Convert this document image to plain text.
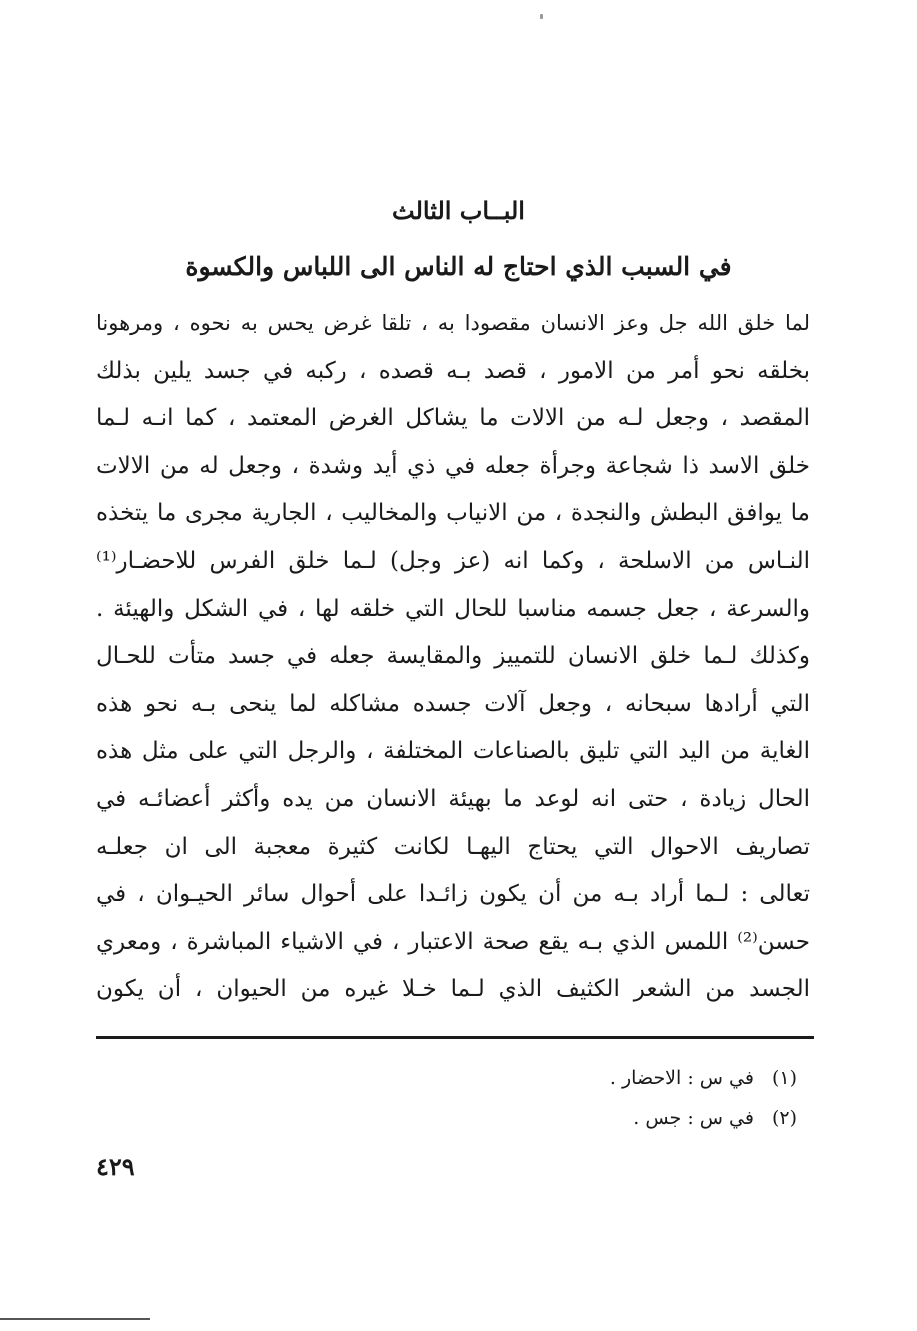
البــاب الثالث
في السبب الذي احتاج له الناس الى اللباس والكسوة
لما خلق الله جل وعز الانسان مقصودا به ، تلقا غرض يحس به نحوه ، ومرهونا
بخلقه نحو أمر من الامور ، قصد بـه قصده ، ركبه في جسد يلين بذلك
المقصد ، وجعل لـه من الالات ما يشاكل الغرض المعتمد ، كما انـه لـما
خلق الاسد ذا شجاعة وجرأة جعله في ذي أيد وشدة ، وجعل له من الالات
ما يوافق البطش والنجدة ، من الانياب والمخاليب ، الجارية مجرى ما يتخذه
النـاس من الاسلحة ، وكما انه (عز وجل) لـما خلق الفرس للاحضـار⁽¹⁾
والسرعة ، جعل جسمه مناسبا للحال التي خلقه لها ، في الشكل والهيئة .
وكذلك لـما خلق الانسان للتمييز والمقايسة جعله في جسد متأت للحـال
التي أرادها سبحانه ، وجعل آلات جسده مشاكله لما ينحى بـه نحو هذه
الغاية من اليد التي تليق بالصناعات المختلفة ، والرجل التي على مثل هذه
الحال زيادة ، حتى انه لوعد ما بهيئة الانسان من يده وأكثر أعضائـه في
تصاريف الاحوال التي يحتاج اليهـا لكانت كثيرة معجبة الى ان جعلـه
تعالى : لـما أراد بـه من أن يكون زائـدا على أحوال سائر الحيـوان ، في
حسن⁽²⁾ اللمس الذي بـه يقع صحة الاعتبار ، في الاشياء المباشرة ، ومعري
الجسد من الشعر الكثيف الذي لـما خـلا غيره من الحيوان ، أن يكون
(١)
في س : الاحضار .
(٢)
في س : جس .
٤٢٩
